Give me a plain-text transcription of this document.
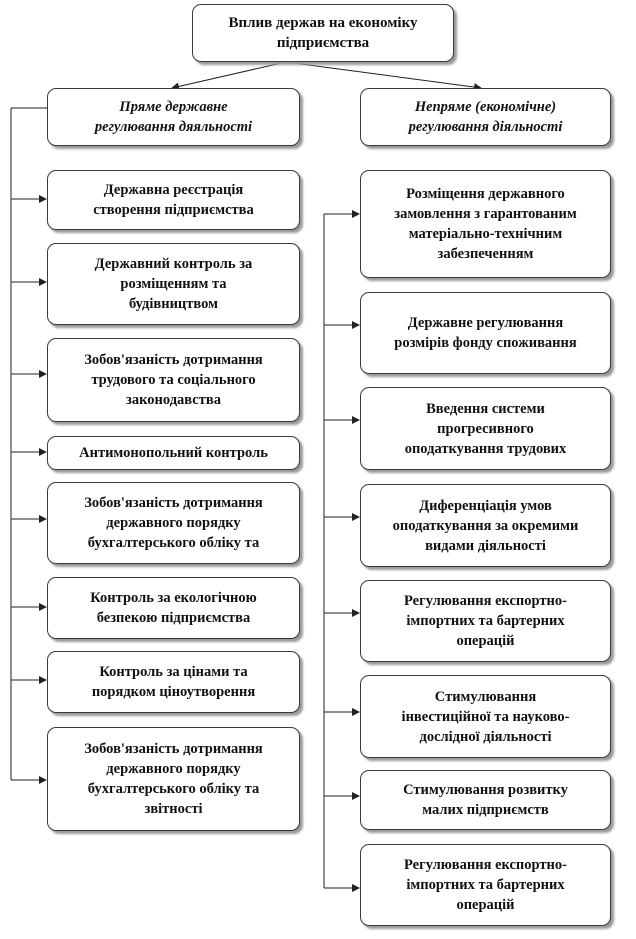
Вплив держав на економіку
підприємства
Пряме державне
регулювання дяяльності
Непряме (економічне)
регулювання діяльності
Державна реєстрація
створення підприємства
Державний контроль за
розміщенням та
будівництвом
Зобов'язаність дотримання
трудового та соціального
законодавства
Антимонопольний контроль
Зобов'язаність дотримання
державного порядку
бухгалтерського обліку та
Контроль за екологічною
безпекою підприємства
Контроль за цінами та
порядком ціноутворення
Зобов'язаність дотримання
державного порядку
бухгалтерського обліку та
звітності
Розміщення державного
замовлення з гарантованим
матеріально-технічним
забезпеченням
Державне регулювання
розмірів фонду споживання
Введення системи
прогресивного
оподаткування трудових
Диференціація умов
оподаткування за окремими
видами діяльності
Регулювання експортно-
імпортних та бартерних
операцій
Стимулювання
інвестиційної та науково-
дослідної діяльності
Стимулювання розвитку
малих підприємств
Регулювання експортно-
імпортних та бартерних
операцій
